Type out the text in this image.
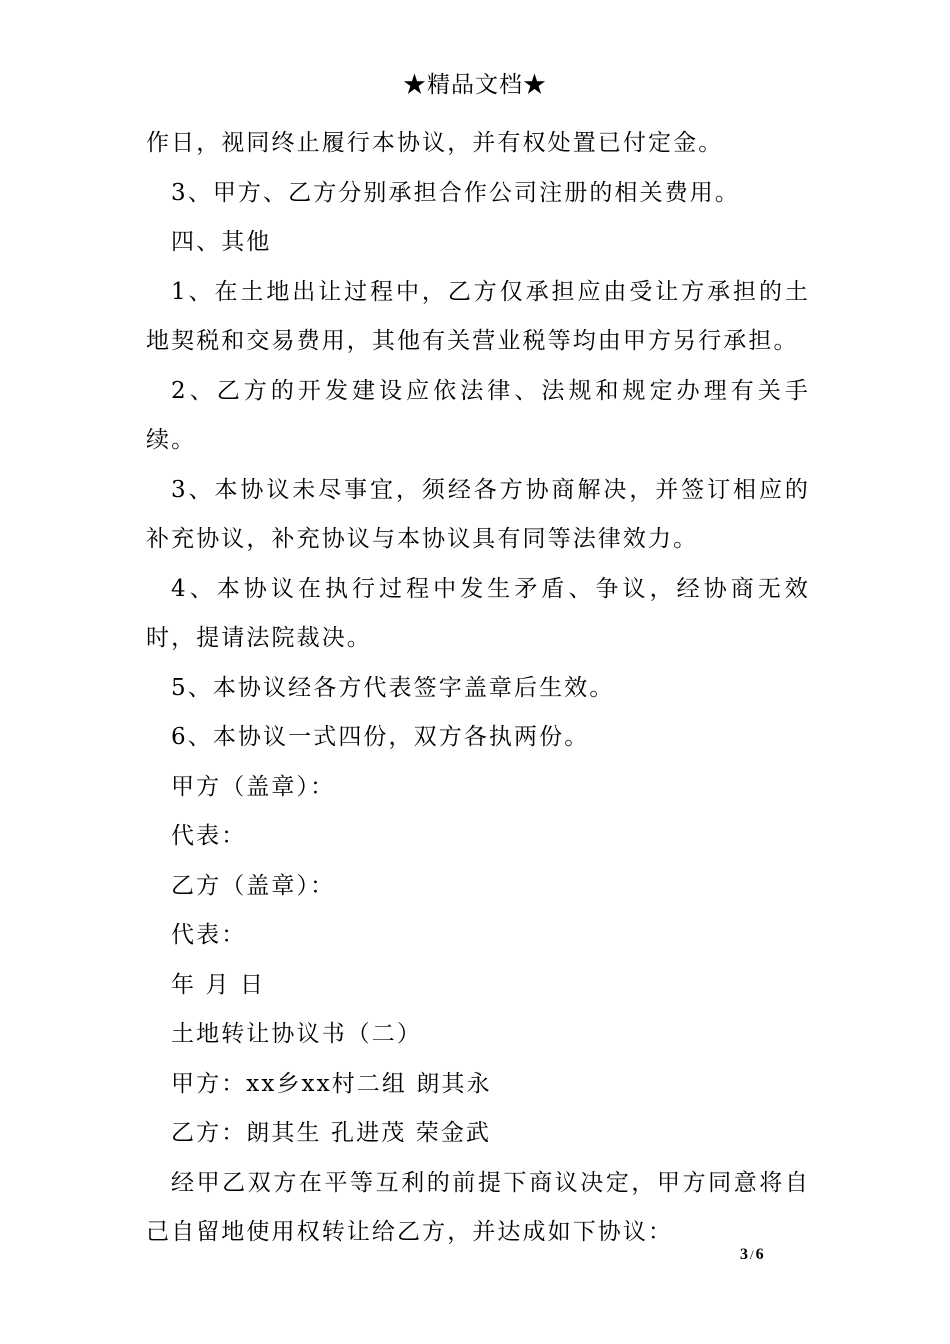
★精品文档★

作日，视同终止履行本协议，并有权处置已付定金。

3、甲方、乙方分别承担合作公司注册的相关费用。

四、其他

1、在土地出让过程中，乙方仅承担应由受让方承担的土地契税和交易费用，其他有关营业税等均由甲方另行承担。

2、乙方的开发建设应依法律、法规和规定办理有关手续。

3、本协议未尽事宜，须经各方协商解决，并签订相应的补充协议，补充协议与本协议具有同等法律效力。

4、本协议在执行过程中发生矛盾、争议，经协商无效时，提请法院裁决。

5、本协议经各方代表签字盖章后生效。

6、本协议一式四份，双方各执两份。

甲方（盖章）：

代表：

乙方（盖章）：

代表：

年 月 日

土地转让协议书（二）

甲方：xx乡xx村二组 朗其永

乙方：朗其生 孔进茂 荣金武

经甲乙双方在平等互利的前提下商议决定，甲方同意将自己自留地使用权转让给乙方，并达成如下协议：

3 / 6
